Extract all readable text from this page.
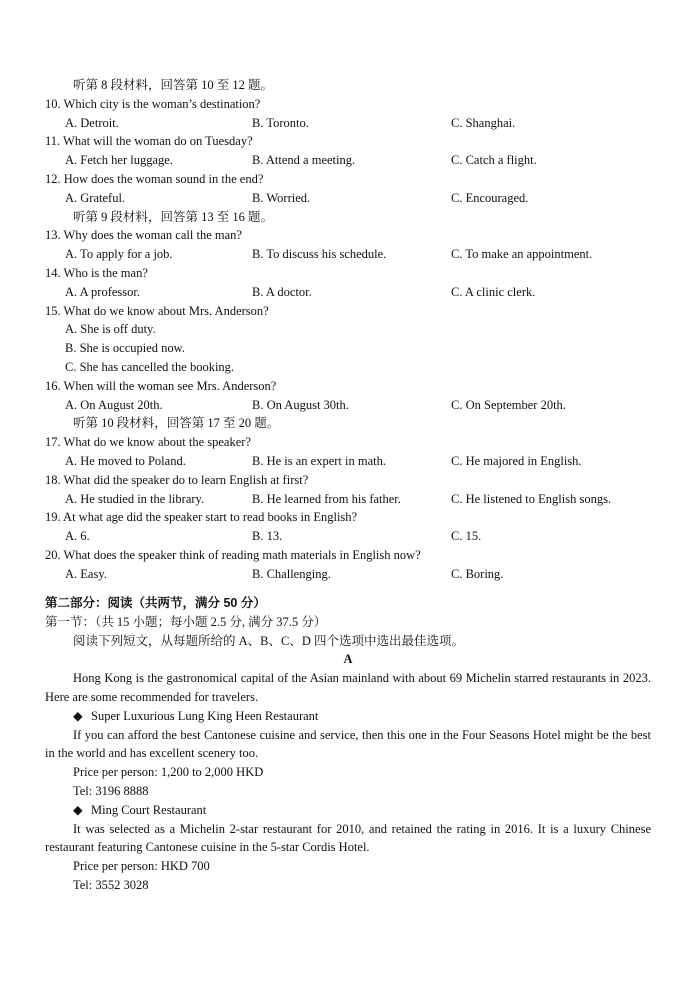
听第 8 段材料，回答第 10 至 12 题。
10. Which city is the woman’s destination?
A. Detroit.	B. Toronto.	C. Shanghai.
11. What will the woman do on Tuesday?
A. Fetch her luggage.	B. Attend a meeting.	C. Catch a flight.
12. How does the woman sound in the end?
A. Grateful.	B. Worried.	C. Encouraged.
听第 9 段材料，回答第 13 至 16 题。
13. Why does the woman call the man?
A. To apply for a job.	B. To discuss his schedule.	C. To make an appointment.
14. Who is the man?
A. A professor.	B. A doctor.	C. A clinic clerk.
15. What do we know about Mrs. Anderson?
A. She is off duty.
B. She is occupied now.
C. She has cancelled the booking.
16. When will the woman see Mrs. Anderson?
A. On August 20th.	B. On August 30th.	C. On September 20th.
听第 10 段材料，回答第 17 至 20 题。
17. What do we know about the speaker?
A. He moved to Poland.	B. He is an expert in math.	C. He majored in English.
18. What did the speaker do to learn English at first?
A. He studied in the library.	B. He learned from his father.	C. He listened to English songs.
19. At what age did the speaker start to read books in English?
A. 6.	B. 13.	C. 15.
20. What does the speaker think of reading math materials in English now?
A. Easy.	B. Challenging.	C. Boring.
第二部分：阅读（共两节，满分 50 分）
第一节：（共 15 小题；每小题 2.5 分, 满分 37.5 分）
阅读下列短文，从每题所给的 A、B、C、D 四个选项中选出最佳选项。
A
Hong Kong is the gastronomical capital of the Asian mainland with about 69 Michelin starred restaurants in 2023. Here are some recommended for travelers.
◆ Super Luxurious Lung King Heen Restaurant
If you can afford the best Cantonese cuisine and service, then this one in the Four Seasons Hotel might be the best in the world and has excellent scenery too.
Price per person: 1,200 to 2,000 HKD
Tel: 3196 8888
◆ Ming Court Restaurant
It was selected as a Michelin 2-star restaurant for 2010, and retained the rating in 2016. It is a luxury Chinese restaurant featuring Cantonese cuisine in the 5-star Cordis Hotel.
Price per person: HKD 700
Tel: 3552 3028
